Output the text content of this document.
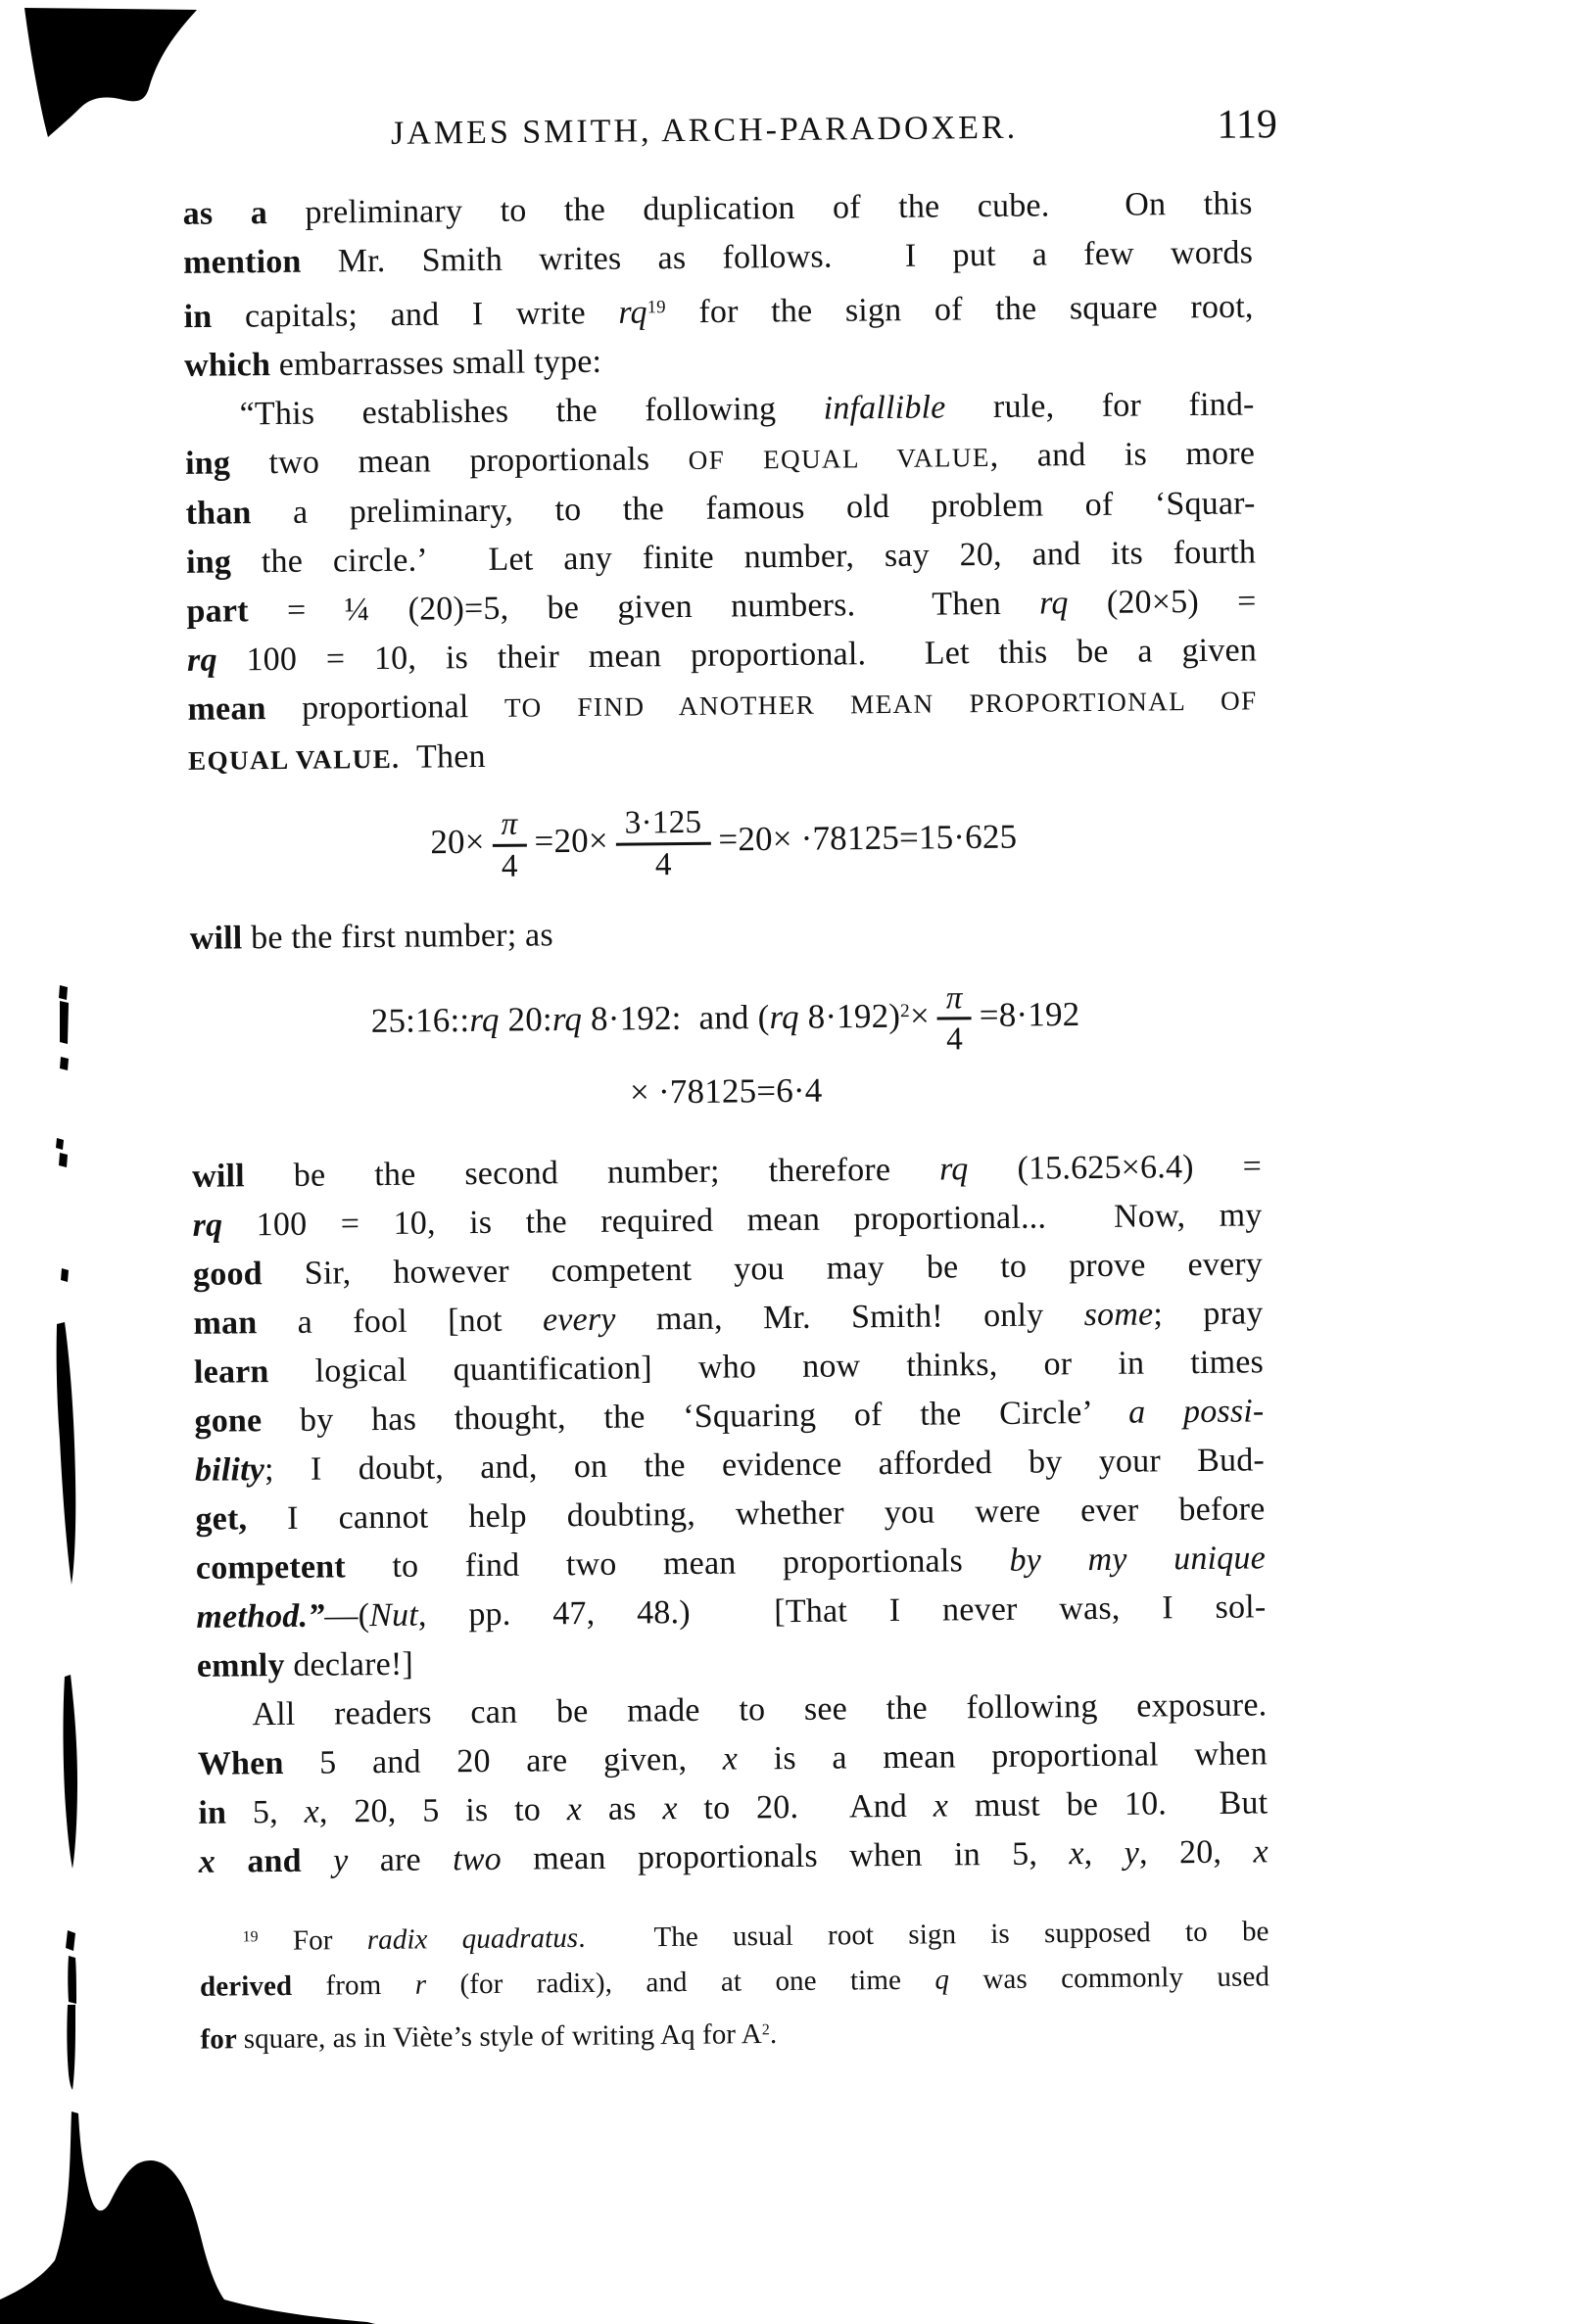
JAMES SMITH, ARCH-PARADOXER.	119
as a preliminary to the duplication of the cube.  On this
mention Mr. Smith writes as follows.  I put a few words
in capitals; and I write $rq^{19}$ for the sign of the square root,
which embarrasses small type:
“This establishes the following infallible rule, for find-
ing two mean proportionals OF EQUAL VALUE, and is more
than a preliminary, to the famous old problem of ‘Squar-
ing the circle.’  Let any finite number, say 20, and its fourth
part = ¼ (20)=5, be given numbers.  Then rq (20×5) =
rq 100 = 10, is their mean proportional.  Let this be a given
mean proportional TO FIND ANOTHER MEAN PROPORTIONAL OF
EQUAL VALUE.  Then
$20\times \frac{\pi}{4} =20\times \frac{3\cdot 125}{4} =20\times \cdot 78125=15\cdot 625$
will be the first number; as
25:16::rq 20:rq 8·192:  and (rq $8\cdot 192)^2\times \frac{\pi}{4} =8\cdot 192$
× ·78125=6·4
will be the second number; therefore rq (15.625×6.4) =
rq 100 = 10, is the required mean proportional...  Now, my
good Sir, however competent you may be to prove every
man a fool [not every man, Mr. Smith! only some; pray
learn logical quantification] who now thinks, or in times
gone by has thought, the ‘Squaring of the Circle’ a possi-
bility; I doubt, and, on the evidence afforded by your Bud-
get, I cannot help doubting, whether you were ever before
competent to find two mean proportionals by my unique
method.”—(Nut, pp. 47, 48.)  [That I never was, I sol-
emnly declare!]
All readers can be made to see the following exposure.
When 5 and 20 are given, x is a mean proportional when
in 5, x, 20, 5 is to x as x to 20.  And x must be 10.  But
x and y are two mean proportionals when in 5, x, y, 20, x
$^{19}$ For radix quadratus.  The usual root sign is supposed to be
derived from r (for radix), and at one time q was commonly used
for square, as in Viète’s style of writing Aq for $A^2$.
